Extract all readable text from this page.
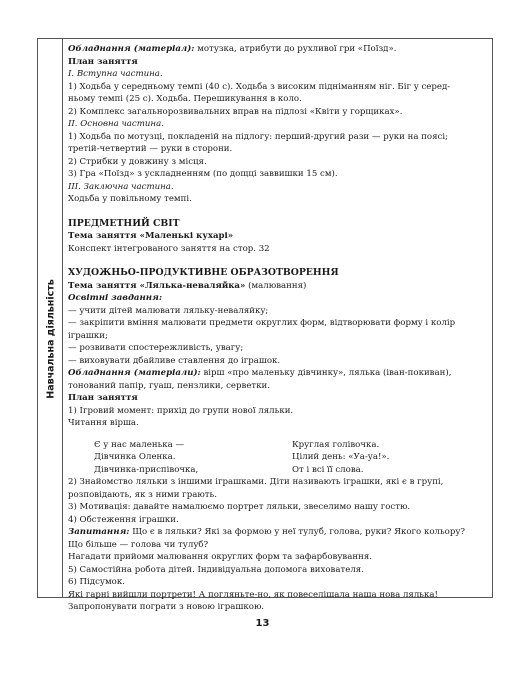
Навчальна діяльність

Обладнання (матеріал): мотузка, атрибути до рухливої гри «Поїзд».

План заняття

І. Вступна частина.

1) Ходьба у середньому темпі (40 с). Ходьба з високим підніманням ніг. Біг у серед-

ньому темпі (25 с). Ходьба. Перешикування в коло.

2) Комплекс загальнорозвивальних вправ на підлозі «Квіти у горщиках».

ІІ. Основна частина.

1) Ходьба по мотузці, покладеній на підлогу: перший-другий рази — руки на поясі;

третій-четвертий — руки в сторони.

2) Стрибки у довжину з місця.

3) Гра «Поїзд» з ускладненням (по дощці заввишки 15 см).

ІІІ. Заключна частина.

Ходьба у повільному темпі.

ПРЕДМЕТНИЙ СВІТ

Тема заняття «Маленькі кухарі»

Конспект інтегрованого заняття на стор. 32

ХУДОЖНЬО-ПРОДУКТИВНЕ ОБРАЗОТВОРЕННЯ

Тема заняття «Лялька-неваляйка» (малювання)

Освітні завдання:

— учити дітей малювати ляльку-неваляйку;

— закріпити вміння малювати предмети округлих форм, відтворювати форму і колір

іграшки;

— розвивати спостережливість, увагу;

— виховувати дбайливе ставлення до іграшок.

Обладнання (матеріали): вірш «про маленьку дівчинку», лялька (іван-покиван),

тонований папір, гуаш, пензлики, серветки.

План заняття

1) Ігровий момент: прихід до групи нової ляльки.

Читання вірша.

Є у нас маленька —

Дівчинка Оленка.

Дівчинка-приспівочка,

Круглая голівочка.

Цілий день: «Уа-уа!».

От і всі її слова.

2) Знайомство ляльки з іншими іграшками. Діти називають іграшки, які є в групі,

розповідають, як з ними грають.

3) Мотивація: давайте намалюємо портрет ляльки, звеселимо нашу гостю.

4) Обстеження іграшки.

Запитання: Що є в ляльки? Які за формою у неї тулуб, голова, руки? Якого кольору?

Що більше — голова чи тулуб?

Нагадати прийоми малювання округлих форм та зафарбовування.

5) Самостійна робота дітей. Індивідуальна допомога вихователя.

6) Підсумок.

Які гарні вийшли портрети! А погляньте-но, як повеселішала наша нова лялька!

Запропонувати пограти з новою іграшкою.

13
